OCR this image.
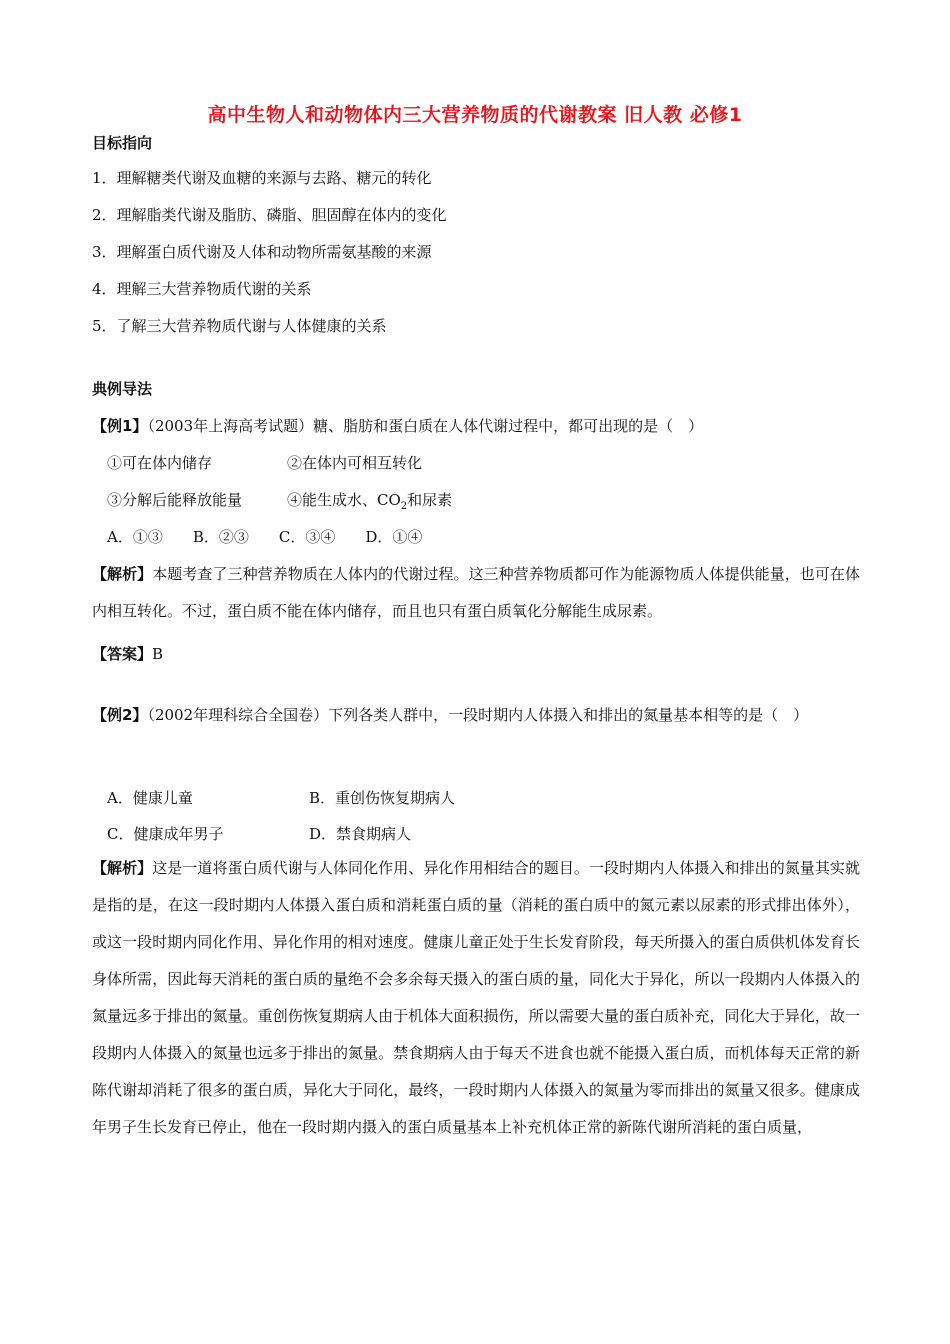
高中生物人和动物体内三大营养物质的代谢教案 旧人教 必修1
目标指向
1．理解糖类代谢及血糖的来源与去路、糖元的转化
2．理解脂类代谢及脂肪、磷脂、胆固醇在体内的变化
3．理解蛋白质代谢及人体和动物所需氨基酸的来源
4．理解三大营养物质代谢的关系
5．了解三大营养物质代谢与人体健康的关系
典例导法
【例1】（2003年上海高考试题）糖、脂肪和蛋白质在人体代谢过程中，都可出现的是（　）
①可在体内储存	②在体内可相互转化
③分解后能释放能量	④能生成水、$CO_2$和尿素
A．①③　　B．②③　　C．③④　　D．①④
【解析】本题考查了三种营养物质在人体内的代谢过程。这三种营养物质都可作为能源物质人体提供能量，也可在体内相互转化。不过，蛋白质不能在体内储存，而且也只有蛋白质氧化分解能生成尿素。
【答案】B
【例2】（2002年理科综合全国卷）下列各类人群中，一段时期内人体摄入和排出的氮量基本相等的是（　）
A．健康儿童	B．重创伤恢复期病人
C．健康成年男子	D．禁食期病人
【解析】这是一道将蛋白质代谢与人体同化作用、异化作用相结合的题目。一段时期内人体摄入和排出的氮量其实就是指的是，在这一段时期内人体摄入蛋白质和消耗蛋白质的量（消耗的蛋白质中的氮元素以尿素的形式排出体外），或这一段时期内同化作用、异化作用的相对速度。健康儿童正处于生长发育阶段，每天所摄入的蛋白质供机体发育长身体所需，因此每天消耗的蛋白质的量绝不会多余每天摄入的蛋白质的量，同化大于异化，所以一段期内人体摄入的氮量远多于排出的氮量。重创伤恢复期病人由于机体大面积损伤，所以需要大量的蛋白质补充，同化大于异化，故一段期内人体摄入的氮量也远多于排出的氮量。禁食期病人由于每天不进食也就不能摄入蛋白质，而机体每天正常的新陈代谢却消耗了很多的蛋白质，异化大于同化，最终，一段时期内人体摄入的氮量为零而排出的氮量又很多。健康成年男子生长发育已停止，他在一段时期内摄入的蛋白质量基本上补充机体正常的新陈代谢所消耗的蛋白质量，
